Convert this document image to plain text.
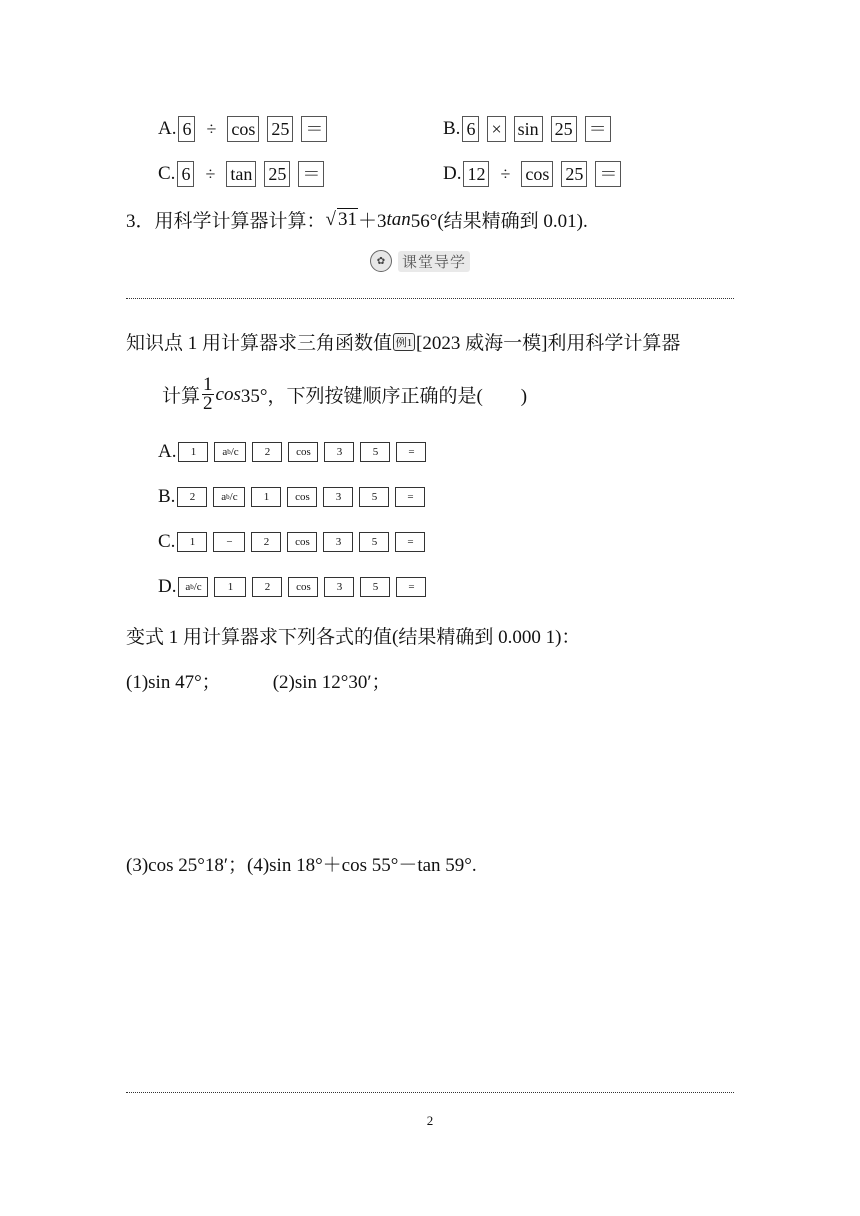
A. 6 ÷ cos 25 ＝	B. 6 × sin 25 ＝
C. 6 ÷ tan 25 ＝	D. 12 ÷ cos 25 ＝
3．用科学计算器计算： √ 31 ＋3 tan 56°(结果精确到 0.01).
✿	课堂导学
知识点 1 用计算器求三角函数值 例1 [2023 威海一模]利用科学计算器
计算 $\frac{1}{2}$ cos 35°，下列按键顺序正确的是(　　)
A.	1	a b /c	2	cos	3	5	=
B.	2	a b /c	1	cos	3	5	=
C.	1	−	2	cos	3	5	=
D. a b /c	1	2	cos	3	5	=
变式 1 用计算器求下列各式的值(结果精确到 0.000 1)：
(1)sin 47°；	(2)sin 12°30′；
(3)cos 25°18′；(4)sin 18°＋cos 55°－tan 59°.
2
